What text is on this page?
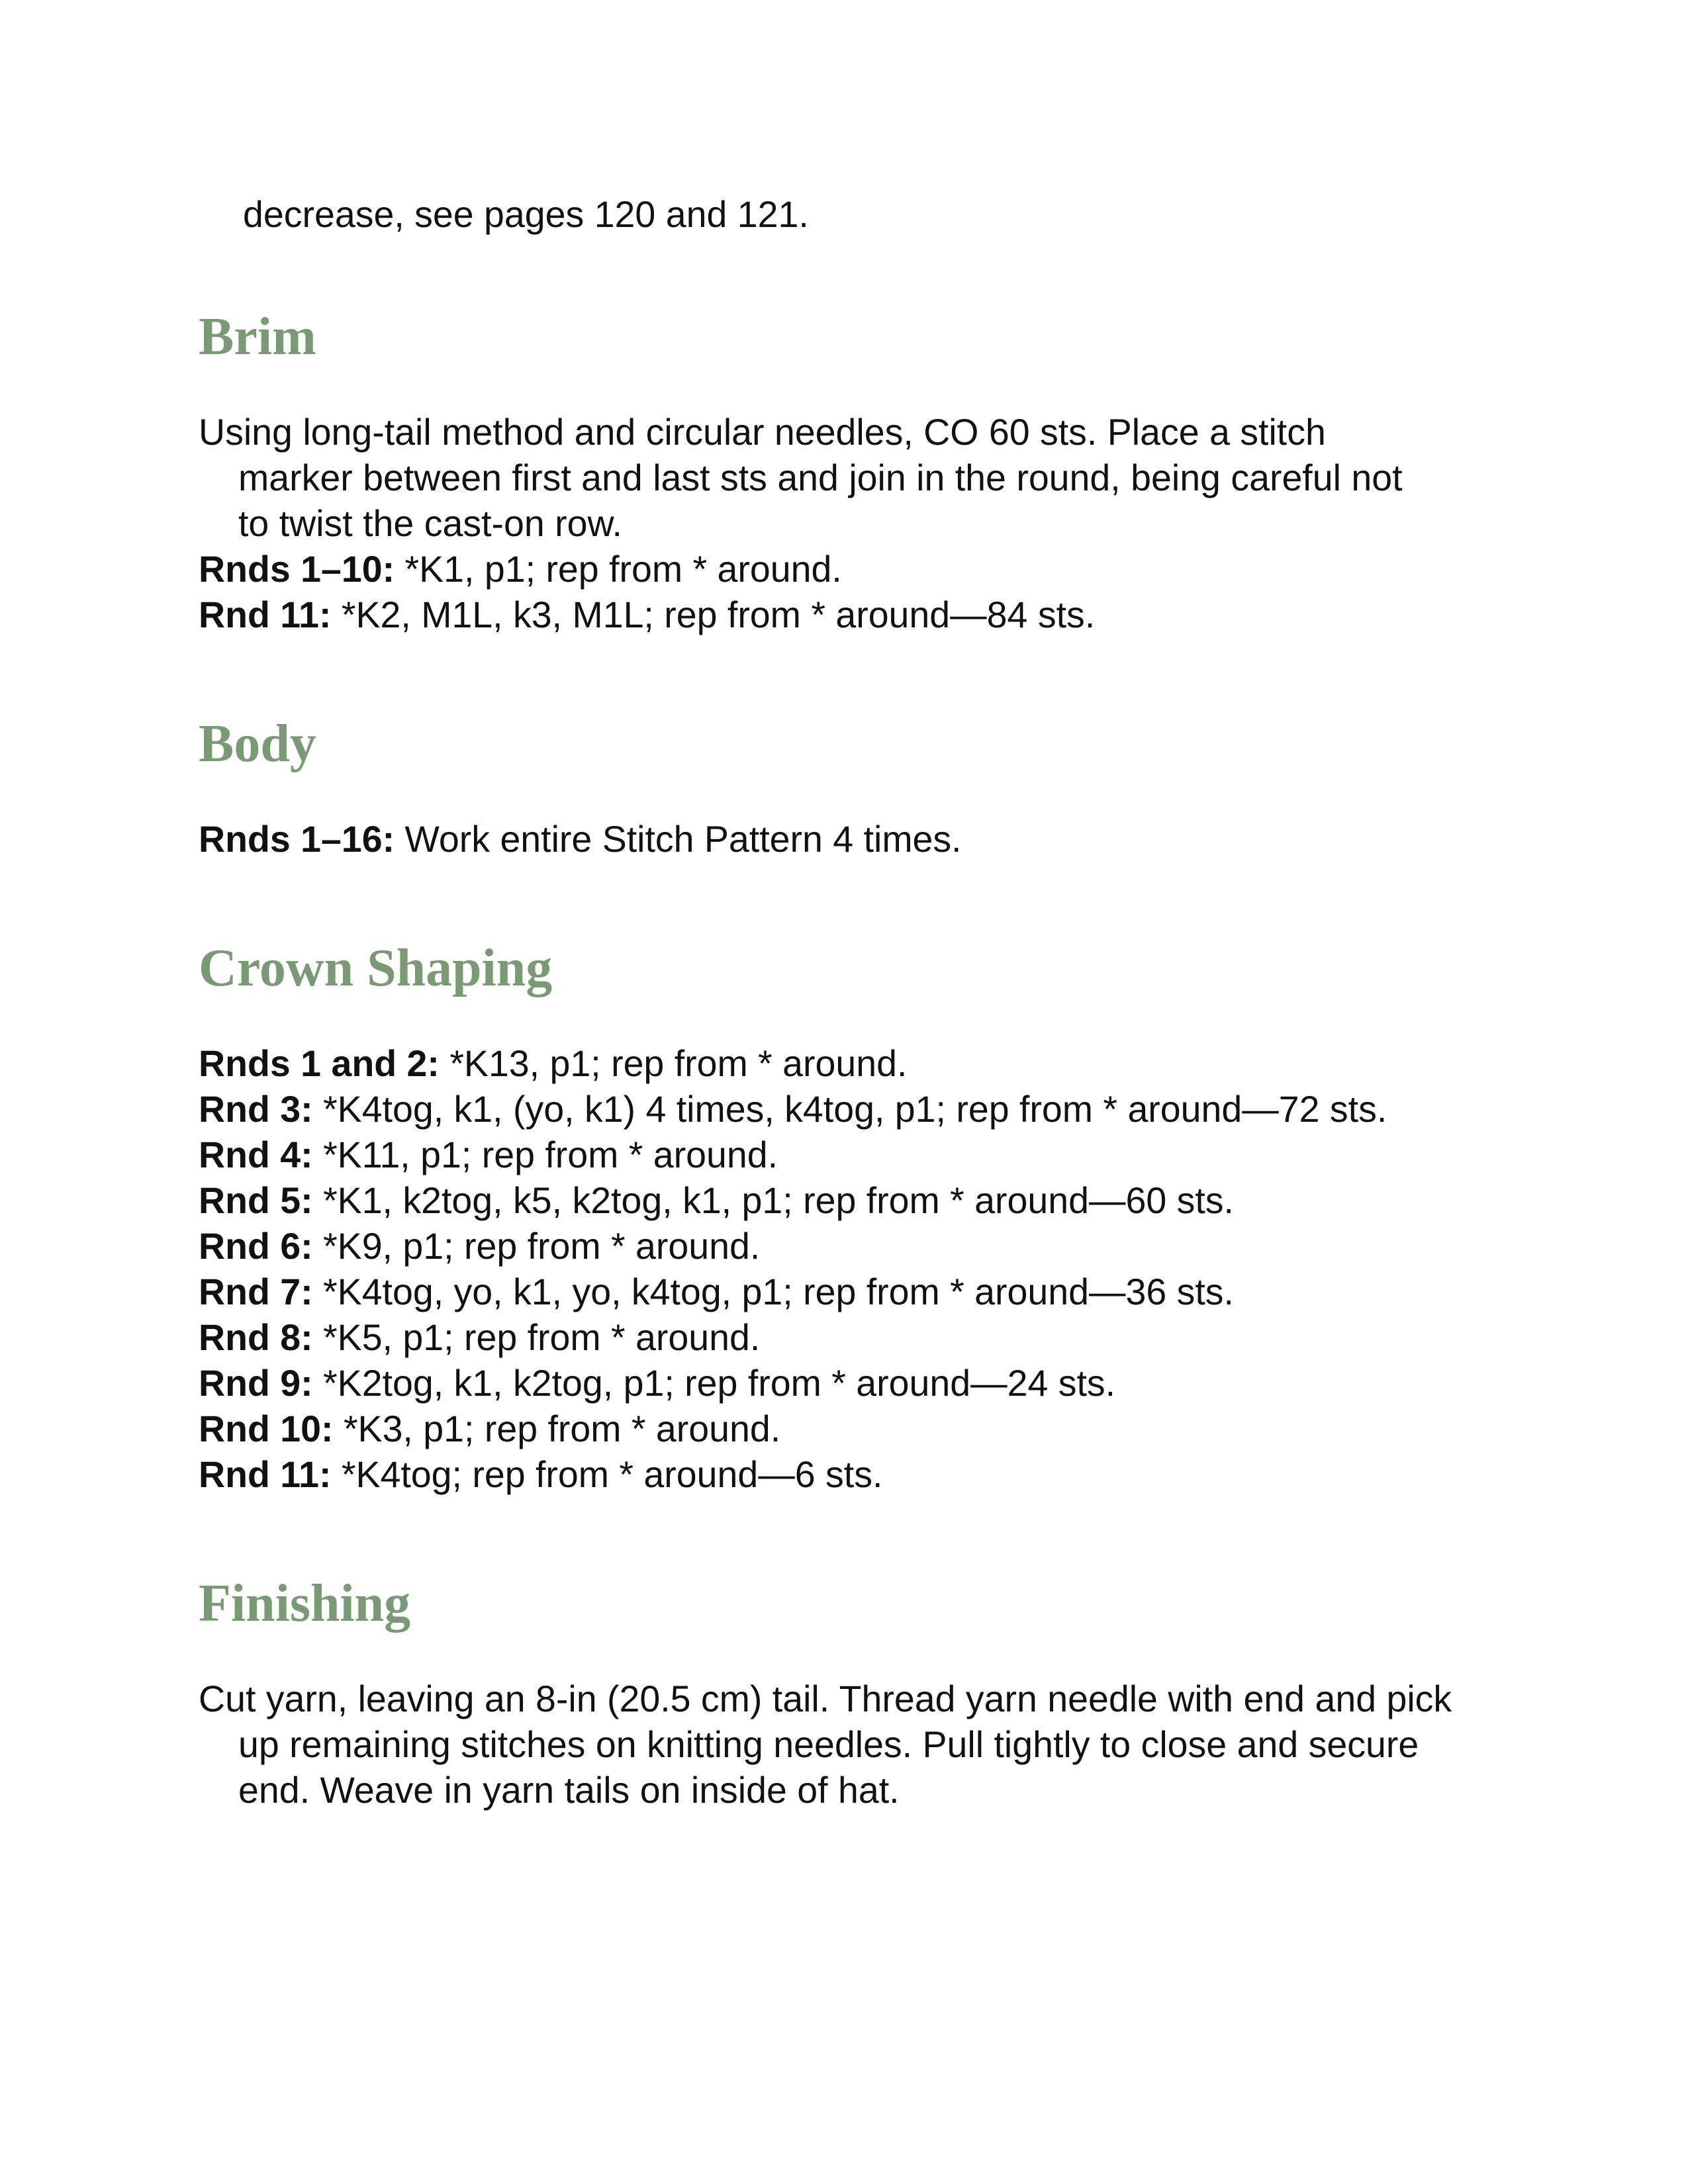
decrease, see pages 120 and 121.

Brim

Using long-tail method and circular needles, CO 60 sts. Place a stitch marker between first and last sts and join in the round, being careful not to twist the cast-on row.

Rnds 1–10: *K1, p1; rep from * around.

Rnd 11: *K2, M1L, k3, M1L; rep from * around—84 sts.

Body

Rnds 1–16: Work entire Stitch Pattern 4 times.

Crown Shaping

Rnds 1 and 2: *K13, p1; rep from * around.

Rnd 3: *K4tog, k1, (yo, k1) 4 times, k4tog, p1; rep from * around—72 sts.

Rnd 4: *K11, p1; rep from * around.

Rnd 5: *K1, k2tog, k5, k2tog, k1, p1; rep from * around—60 sts.

Rnd 6: *K9, p1; rep from * around.

Rnd 7: *K4tog, yo, k1, yo, k4tog, p1; rep from * around—36 sts.

Rnd 8: *K5, p1; rep from * around.

Rnd 9: *K2tog, k1, k2tog, p1; rep from * around—24 sts.

Rnd 10: *K3, p1; rep from * around.

Rnd 11: *K4tog; rep from * around—6 sts.

Finishing

Cut yarn, leaving an 8-in (20.5 cm) tail. Thread yarn needle with end and pick up remaining stitches on knitting needles. Pull tightly to close and secure end. Weave in yarn tails on inside of hat.
